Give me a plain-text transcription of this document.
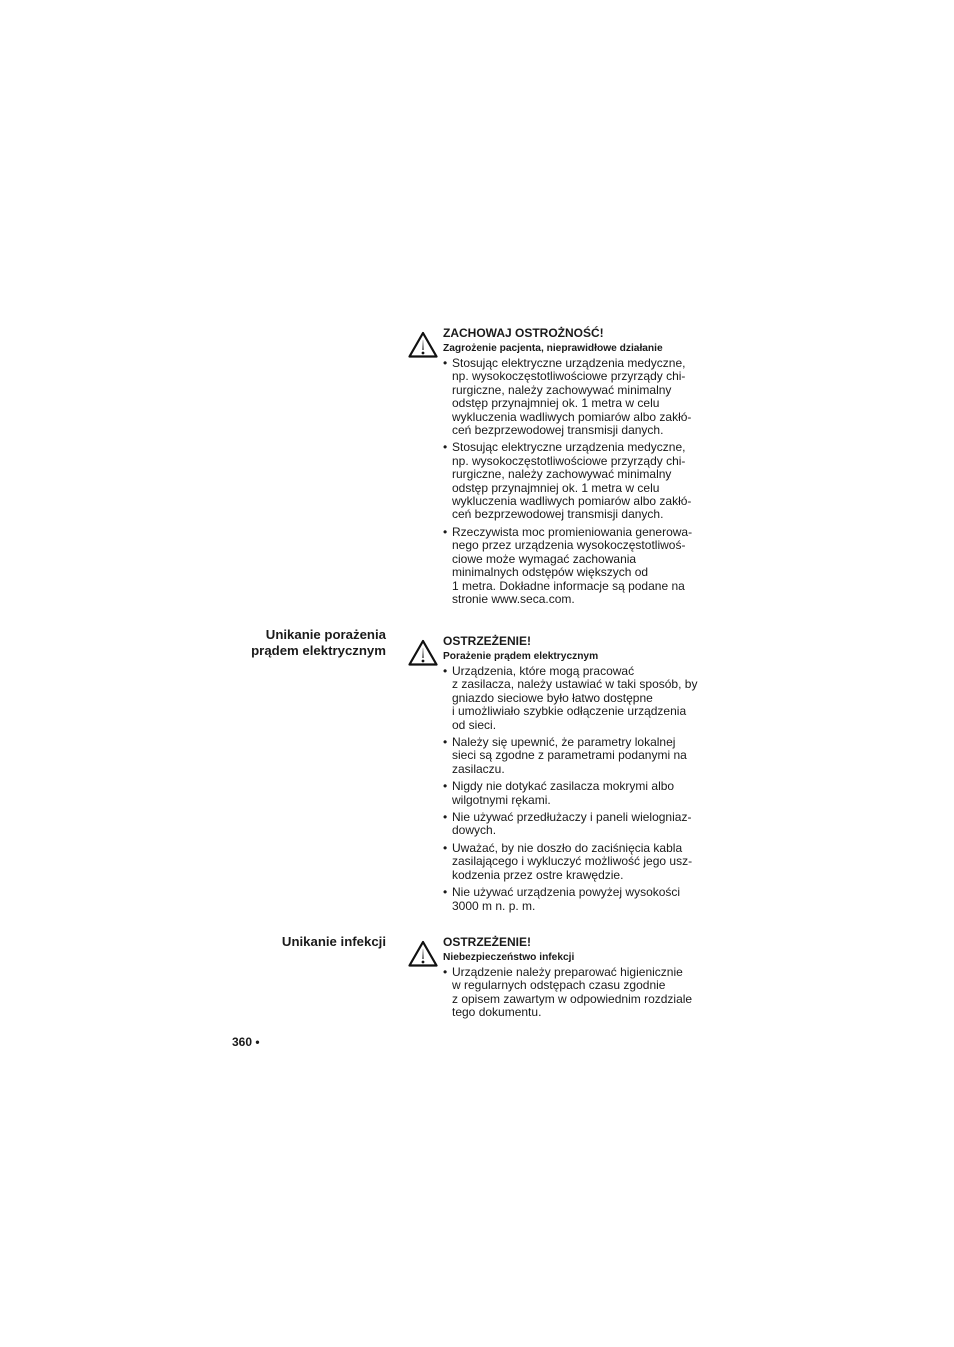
ZACHOWAJ OSTROŻNOŚĆ!
Zagrożenie pacjenta, nieprawidłowe działanie
• Stosując elektryczne urządzenia medyczne,
np. wysokoczęstotliwościowe przyrządy chi-
rurgiczne, należy zachowywać minimalny
odstęp przynajmniej ok. 1 metra w celu
wykluczenia wadliwych pomiarów albo zakłó-
ceń bezprzewodowej transmisji danych.
• Stosując elektryczne urządzenia medyczne,
np. wysokoczęstotliwościowe przyrządy chi-
rurgiczne, należy zachowywać minimalny
odstęp przynajmniej ok. 1 metra w celu
wykluczenia wadliwych pomiarów albo zakłó-
ceń bezprzewodowej transmisji danych.
• Rzeczywista moc promieniowania generowa-
nego przez urządzenia wysokoczęstotliwoś-
ciowe może wymagać zachowania
minimalnych odstępów większych od
1 metra. Dokładne informacje są podane na
stronie www.seca.com.
Unikanie porażenia
prądem elektrycznym
OSTRZEŻENIE!
Porażenie prądem elektrycznym
• Urządzenia, które mogą pracować
z zasilacza, należy ustawiać w taki sposób, by
gniazdo sieciowe było łatwo dostępne
i umożliwiało szybkie odłączenie urządzenia
od sieci.
• Należy się upewnić, że parametry lokalnej
sieci są zgodne z parametrami podanymi na
zasilaczu.
• Nigdy nie dotykać zasilacza mokrymi albo
wilgotnymi rękami.
• Nie używać przedłużaczy i paneli wielogniaz-
dowych.
• Uważać, by nie doszło do zaciśnięcia kabla
zasilającego i wykluczyć możliwość jego usz-
kodzenia przez ostre krawędzie.
• Nie używać urządzenia powyżej wysokości
3000 m n. p. m.
Unikanie infekcji	OSTRZEŻENIE!
Niebezpieczeństwo infekcji
• Urządzenie należy preparować higienicznie
w regularnych odstępach czasu zgodnie
z opisem zawartym w odpowiednim rozdziale
tego dokumentu.
360 •
